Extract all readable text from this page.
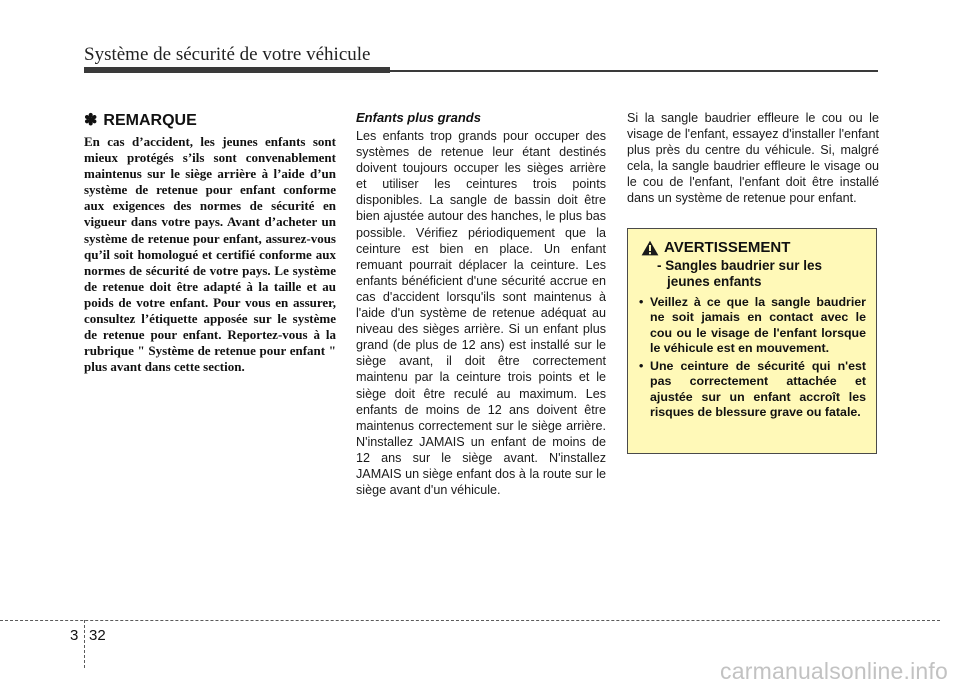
Système de sécurité de votre véhicule
✽ REMARQUE

En cas d’accident, les jeunes enfants sont mieux protégés s’ils sont convenablement maintenus sur le siège arrière à l’aide d’un système de retenue pour enfant conforme aux exigences des normes de sécurité en vigueur dans votre pays. Avant d’acheter un système de retenue pour enfant, assurez-vous qu’il soit homologué et certifié conforme aux normes de sécurité de votre pays. Le système de retenue doit être adapté à la taille et au poids de votre enfant. Pour vous en assurer, consultez l’étiquette apposée sur le système de retenue pour enfant. Reportez-vous à la rubrique " Système de retenue pour enfant " plus avant dans cette section.

Enfants plus grands

Les enfants trop grands pour occuper des systèmes de retenue leur étant destinés doivent toujours occuper les sièges arrière et utiliser les ceintures trois points disponibles. La sangle de bassin doit être bien ajustée autour des hanches, le plus bas possible. Vérifiez périodiquement que la ceinture est bien en place. Un enfant remuant pourrait déplacer la ceinture. Les enfants bénéficient d'une sécurité accrue en cas d'accident lorsqu'ils sont maintenus à l'aide d'un système de retenue adéquat au niveau des sièges arrière. Si un enfant plus grand (de plus de 12 ans) est installé sur le siège avant, il doit être correctement maintenu par la ceinture trois points et le siège doit être reculé au maximum. Les enfants de moins de 12 ans doivent être maintenus correctement sur le siège arrière. N'installez JAMAIS un enfant de moins de 12 ans sur le siège avant. N'installez JAMAIS un siège enfant dos à la route sur le siège avant d'un véhicule.

Si la sangle baudrier effleure le cou ou le visage de l'enfant, essayez d'installer l'enfant plus près du centre du véhicule. Si, malgré cela, la sangle baudrier effleure le visage ou le cou de l'enfant, l'enfant doit être installé dans un système de retenue pour enfant.

AVERTISSEMENT
- Sangles baudrier sur les jeunes enfants
• Veillez à ce que la sangle baudrier ne soit jamais en contact avec le cou ou le visage de l'enfant lorsque le véhicule est en mouvement.
• Une ceinture de sécurité qui n'est pas correctement attachée et ajustée sur un enfant accroît les risques de blessure grave ou fatale.
3 32
carmanualsonline.info
